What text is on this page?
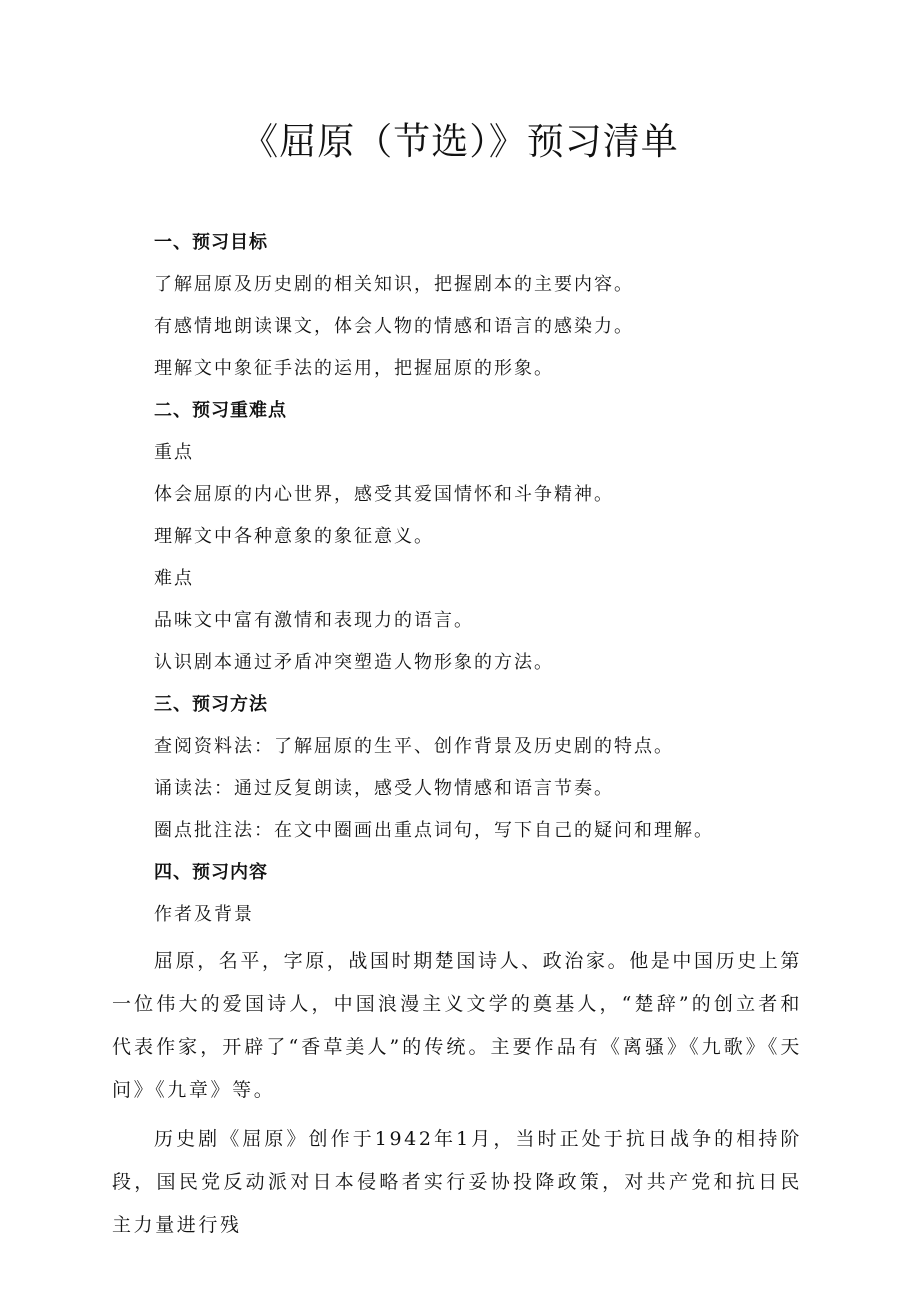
《屈原（节选）》预习清单
一、预习目标
了解屈原及历史剧的相关知识，把握剧本的主要内容。
有感情地朗读课文，体会人物的情感和语言的感染力。
理解文中象征手法的运用，把握屈原的形象。
二、预习重难点
重点
体会屈原的内心世界，感受其爱国情怀和斗争精神。
理解文中各种意象的象征意义。
难点
品味文中富有激情和表现力的语言。
认识剧本通过矛盾冲突塑造人物形象的方法。
三、预习方法
查阅资料法：了解屈原的生平、创作背景及历史剧的特点。
诵读法：通过反复朗读，感受人物情感和语言节奏。
圈点批注法：在文中圈画出重点词句，写下自己的疑问和理解。
四、预习内容
作者及背景

屈原，名平，字原，战国时期楚国诗人、政治家。他是中国历史上第一位伟大的爱国诗人，中国浪漫主义文学的奠基人，“楚辞”的创立者和代表作家，开辟了“香草美人”的传统。主要作品有《离骚》《九歌》《天问》《九章》等。

历史剧《屈原》创作于1942年1月，当时正处于抗日战争的相持阶段，国民党反动派对日本侵略者实行妥协投降政策，对共产党和抗日民主力量进行残
